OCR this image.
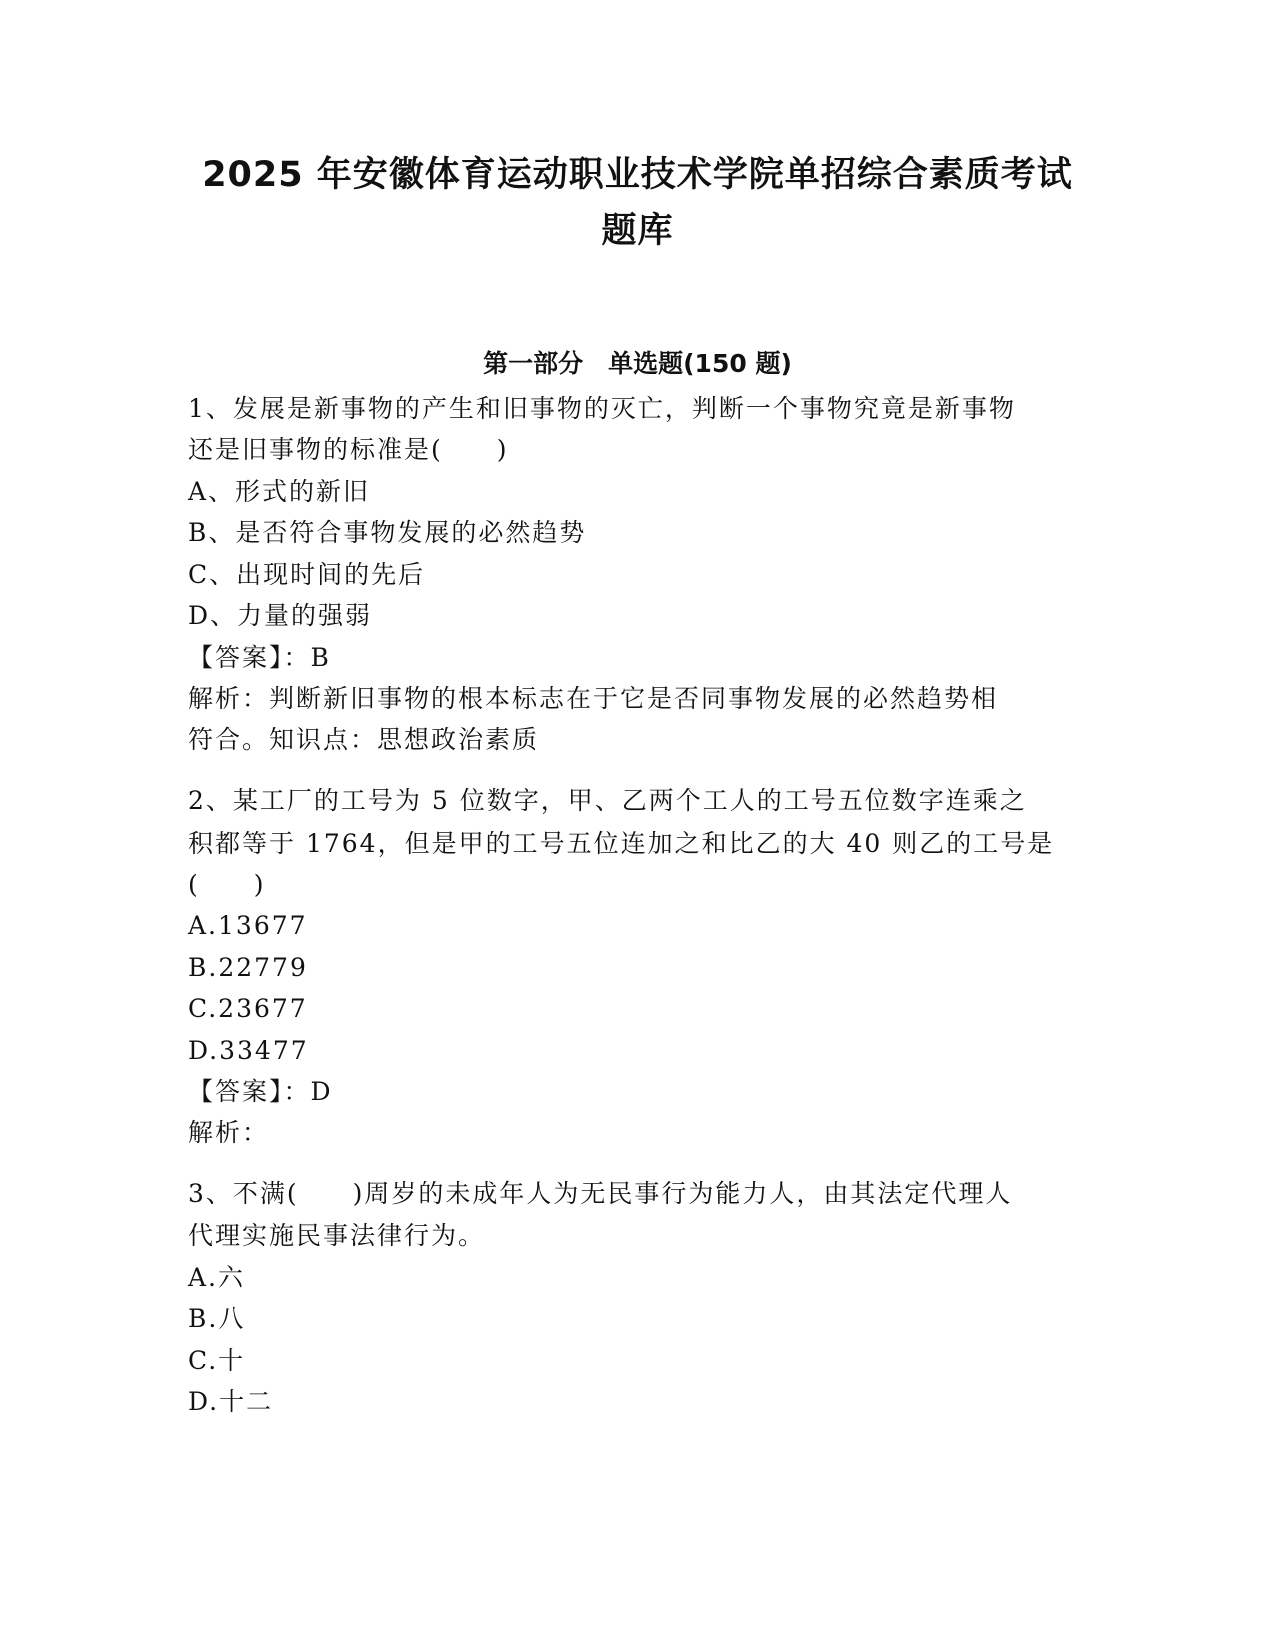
2025 年安徽体育运动职业技术学院单招综合素质考试
题库
第一部分　单选题(150 题)
1、发展是新事物的产生和旧事物的灭亡，判断一个事物究竟是新事物
还是旧事物的标准是(　　)
A、形式的新旧
B、是否符合事物发展的必然趋势
C、出现时间的先后
D、力量的强弱
【答案】：B
解析：判断新旧事物的根本标志在于它是否同事物发展的必然趋势相
符合。知识点：思想政治素质
2、某工厂的工号为 5 位数字，甲、乙两个工人的工号五位数字连乘之
积都等于 1764，但是甲的工号五位连加之和比乙的大 40 则乙的工号是
(　　)
A.13677
B.22779
C.23677
D.33477
【答案】：D
解析：
3、不满(　　)周岁的未成年人为无民事行为能力人，由其法定代理人
代理实施民事法律行为。
A.六
B.八
C.十
D.十二
